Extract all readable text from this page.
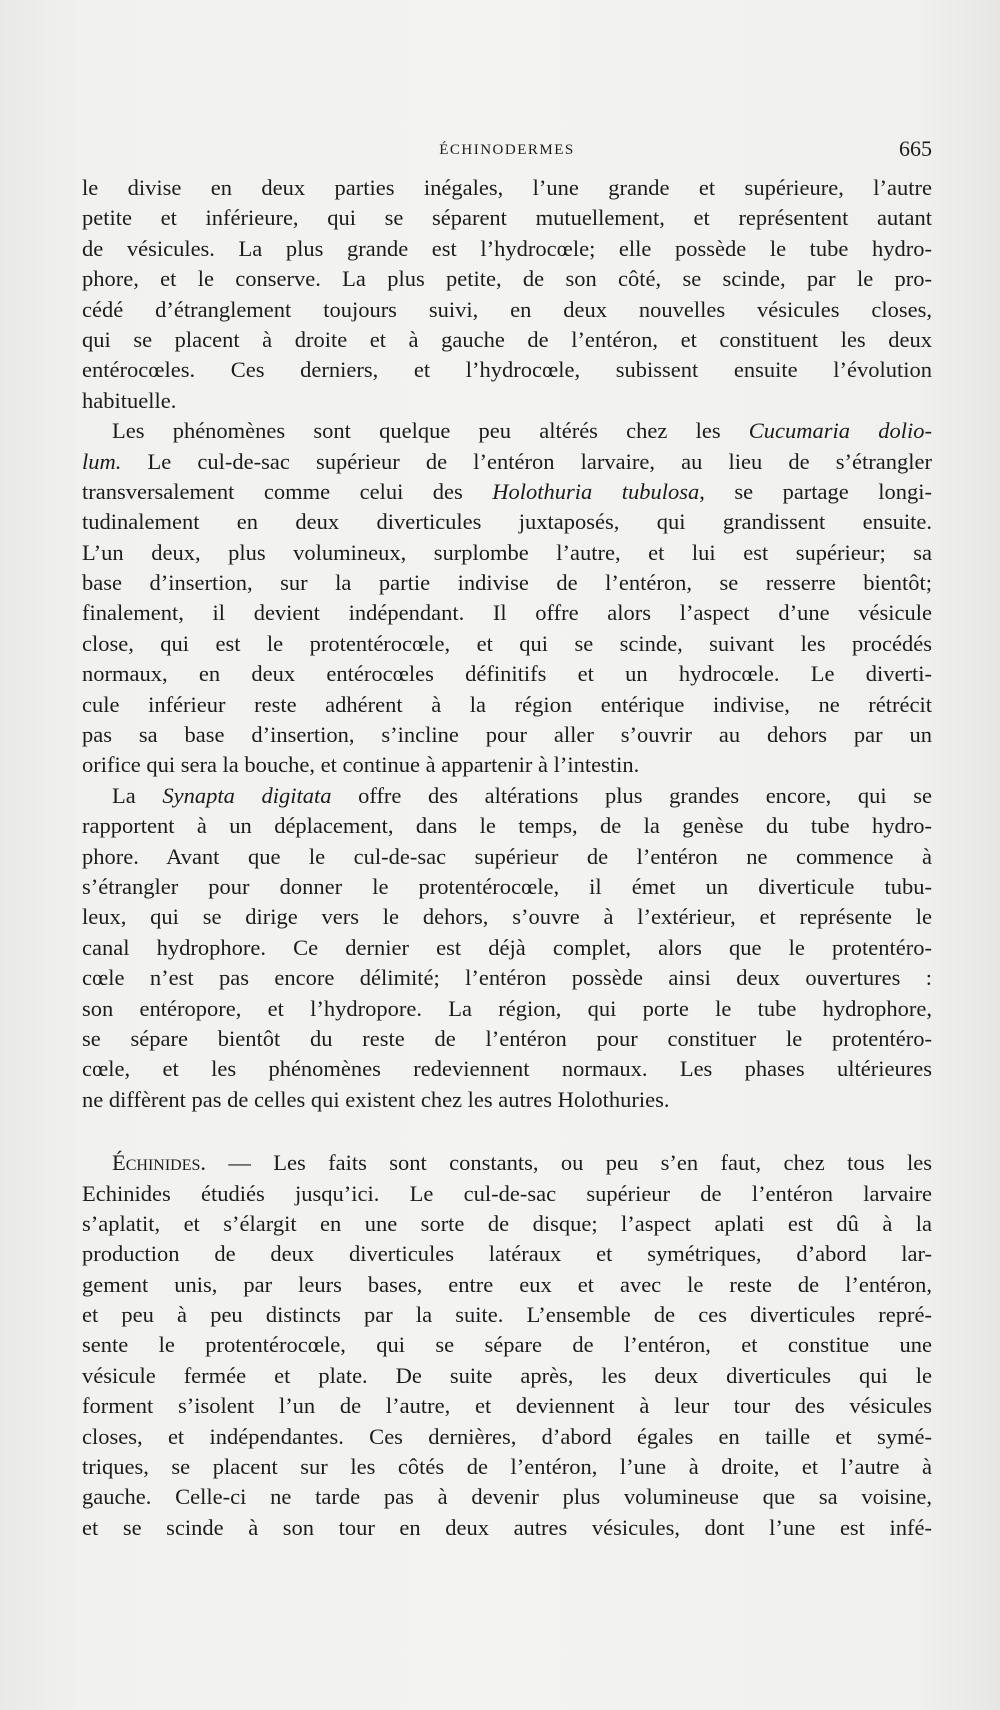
ÉCHINODERMES	665
le divise en deux parties inégales, l’une grande et supérieure, l’autre
petite et inférieure, qui se séparent mutuellement, et représentent autant
de vésicules. La plus grande est l’hydrocœle; elle possède le tube hydro-
phore, et le conserve. La plus petite, de son côté, se scinde, par le pro-
cédé d’étranglement toujours suivi, en deux nouvelles vésicules closes,
qui se placent à droite et à gauche de l’entéron, et constituent les deux
entérocœles. Ces derniers, et l’hydrocœle, subissent ensuite l’évolution
habituelle.
Les phénomènes sont quelque peu altérés chez les Cucumaria dolio-
lum. Le cul-de-sac supérieur de l’entéron larvaire, au lieu de s’étrangler
transversalement comme celui des Holothuria tubulosa, se partage longi-
tudinalement en deux diverticules juxtaposés, qui grandissent ensuite.
L’un deux, plus volumineux, surplombe l’autre, et lui est supérieur; sa
base d’insertion, sur la partie indivise de l’entéron, se resserre bientôt;
finalement, il devient indépendant. Il offre alors l’aspect d’une vésicule
close, qui est le protentérocœle, et qui se scinde, suivant les procédés
normaux, en deux entérocœles définitifs et un hydrocœle. Le diverti-
cule inférieur reste adhérent à la région entérique indivise, ne rétrécit
pas sa base d’insertion, s’incline pour aller s’ouvrir au dehors par un
orifice qui sera la bouche, et continue à appartenir à l’intestin.
La Synapta digitata offre des altérations plus grandes encore, qui se
rapportent à un déplacement, dans le temps, de la genèse du tube hydro-
phore. Avant que le cul-de-sac supérieur de l’entéron ne commence à
s’étrangler pour donner le protentérocœle, il émet un diverticule tubu-
leux, qui se dirige vers le dehors, s’ouvre à l’extérieur, et représente le
canal hydrophore. Ce dernier est déjà complet, alors que le protentéro-
cœle n’est pas encore délimité; l’entéron possède ainsi deux ouvertures :
son entéropore, et l’hydropore. La région, qui porte le tube hydrophore,
se sépare bientôt du reste de l’entéron pour constituer le protentéro-
cœle, et les phénomènes redeviennent normaux. Les phases ultérieures
ne diffèrent pas de celles qui existent chez les autres Holothuries.
Échinides. — Les faits sont constants, ou peu s’en faut, chez tous les
Echinides étudiés jusqu’ici. Le cul-de-sac supérieur de l’entéron larvaire
s’aplatit, et s’élargit en une sorte de disque; l’aspect aplati est dû à la
production de deux diverticules latéraux et symétriques, d’abord lar-
gement unis, par leurs bases, entre eux et avec le reste de l’entéron,
et peu à peu distincts par la suite. L’ensemble de ces diverticules repré-
sente le protentérocœle, qui se sépare de l’entéron, et constitue une
vésicule fermée et plate. De suite après, les deux diverticules qui le
forment s’isolent l’un de l’autre, et deviennent à leur tour des vésicules
closes, et indépendantes. Ces dernières, d’abord égales en taille et symé-
triques, se placent sur les côtés de l’entéron, l’une à droite, et l’autre à
gauche. Celle-ci ne tarde pas à devenir plus volumineuse que sa voisine,
et se scinde à son tour en deux autres vésicules, dont l’une est infé-
